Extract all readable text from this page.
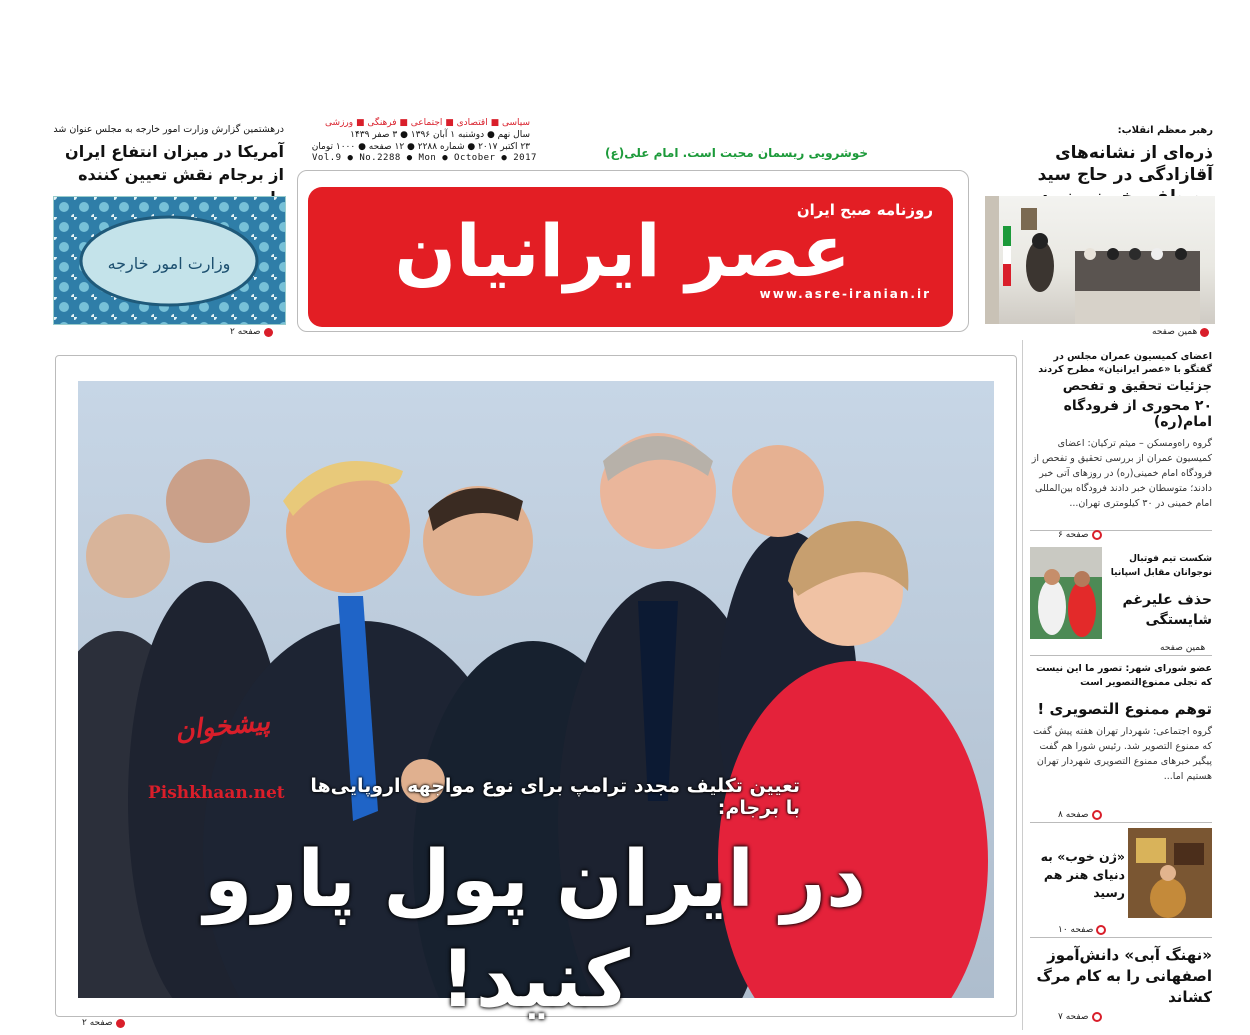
رهبر معظم انقلاب:
ذره‌ای از نشانه‌های آقازادگی در حاج سید
همین صفحه
درهشتمین گزارش وزارت امور خارجه به مجلس عنوان شد
آمریکا در میزان انتفاع ایران از برجام نقش تعیین کننده
وزارت امور خارجه
صفحه ۲
سیاسی ■ اقتصادی ■ اجتماعی ■ فرهنگی ■ ورزشی
سال نهم ● دوشنبه ۱ آبان ۱۳۹۶ ● ۳ صفر ۱۴۳۹
۲۳ اکتبر ۲۰۱۷ ● شماره ۲۲۸۸ ● ۱۲ صفحه ● ۱۰۰۰ تومان
Vol.9 ● No.2288 ● Mon ● October ● 2017	خوشرویی ریسمان محبت است. امام علی(ع)
روزنامه صبح ایران
عصر ایرانیان
www.asre-iranian.ir
پیشخوان
Pishkhaan.net	تعیین تکلیف مجدد ترامپ برای نوع مواجهه اروپایی‌ها با برجام:
در ایران پول پارو کنید!
صفحه ۲
اعضای کمیسیون عمران مجلس در گفتگو با «عصر ایرانیان» مطرح کردند
جزئیات تحقیق و تفحص
۲۰ محوری از فرودگاه امام(ره)
گروه راه‌ومسکن – میثم ترکیان: اعضای کمیسیون عمران از بررسی تحقیق و تفحص از فرودگاه امام خمینی(ره) در روزهای آتی خبر دادند؛ متوسطان خبر دادند فرودگاه بین‌المللی امام خمینی در ۳۰ کیلومتری تهران...
صفحه ۶
شکست تیم فوتبال نوجوانان مقابل اسپانیا
حذف علیرغم شایستگی
همین صفحه
عضو شورای شهر: تصور ما این نیست که تجلی ممنوع‌التصویر است
توهم ممنوع التصویری !
گروه اجتماعی: شهردار تهران هفته پیش گفت که ممنوع التصویر شد. رئیس شورا هم گفت پیگیر خبرهای ممنوع التصویری شهردار تهران هستیم اما...
صفحه ۸
«ژن خوب» به دنیای هنر هم رسید
صفحه ۱۰
«نهنگ آبی» دانش‌آموز اصفهانی را به کام مرگ کشاند
صفحه ۷
